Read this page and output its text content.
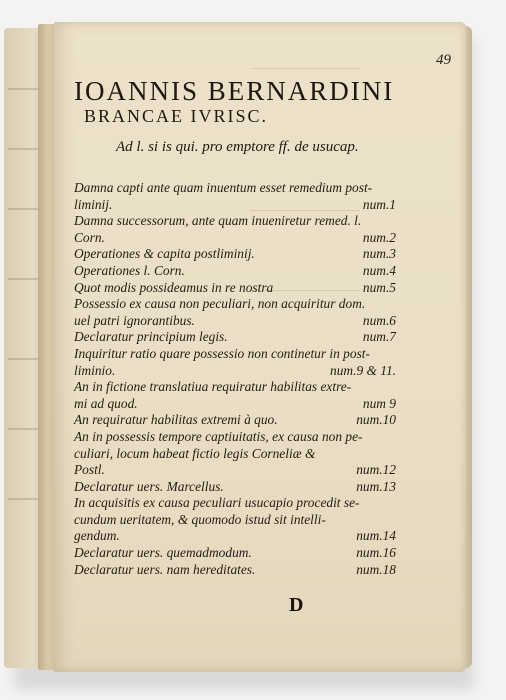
49
IOANNIS BERNARDINI
BRANCAE IVRISC.
Ad l. si is qui. pro emptore ff. de usucap.
Damna capti ante quam inuentum esset remedium post-
liminij.	num.1
Damna successorum, ante quam inueniretur remed. l.
Corn.	num.2
Operationes & capita postliminij.	num.3
Operationes l. Corn.	num.4
Quot modis possideamus in re nostra	num.5
Possessio ex causa non peculiari, non acquiritur dom.
uel patri ignorantibus.	num.6
Declaratur principium legis.	num.7
Inquiritur ratio quare possessio non continetur in post-
liminio.	num.9 & 11.
An in fictione translatiua requiratur habilitas extre-
mi ad quod.	num 9
An requiratur habilitas extremi à quo.	num.10
An in possessis tempore captiuitatis, ex causa non pe-
culiari, locum habeat fictio legis Corneliæ &
Postl.	num.12
Declaratur uers. Marcellus.	num.13
In acquisitis ex causa peculiari usucapio procedit se-
cundum ueritatem, & quomodo istud sit intelli-
gendum.	num.14
Declaratur uers. quemadmodum.	num.16
Declaratur uers. nam hereditates.	num.18
D
